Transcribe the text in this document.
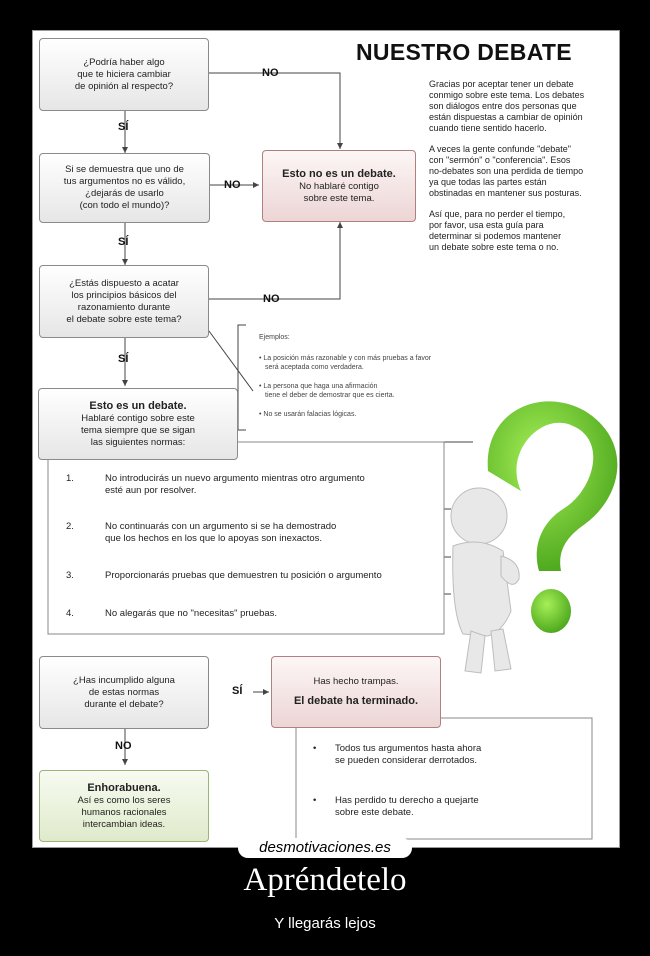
NUESTRO DEBATE
Gracias por aceptar tener un debate
conmigo sobre este tema. Los debates
son diálogos entre dos personas que
están dispuestas a cambiar de opinión
cuando tiene sentido hacerlo.
A veces la gente confunde "debate"
con "sermón" o "conferencia". Esos
no-debates son una perdida de tiempo
ya que todas las partes están
obstinadas en mantener sus posturas.
Así que, para no perder el tiempo,
por favor, usa esta guía para
determinar si podemos mantener
un debate sobre este tema o no.
¿Podría haber algo
que te hiciera cambiar
de opinión al respecto?
NO
SÍ
Si se demuestra que uno de
tus argumentos no es válido,
¿dejarás de usarlo
(con todo el mundo)?
NO
SÍ
Esto no es un debate.
No hablaré contigo
sobre este tema.
¿Estás dispuesto a acatar
los principios básicos del
razonamiento durante
el debate sobre este tema?
NO
SÍ
Ejemplos:
• La posición más razonable y con más pruebas a favor
será aceptada como verdadera.
• La persona que haga una afirmación
tiene el deber de demostrar que es cierta.
• No se usarán falacias lógicas.
Esto es un debate.
Hablaré contigo sobre este
tema siempre que se sigan
las siguientes normas:
1.	No introducirás un nuevo argumento mientras otro argumento
esté aun por resolver.
2.	No continuarás con un argumento si se ha demostrado
que los hechos en los que lo apoyas son inexactos.
3.	Proporcionarás pruebas que demuestren tu posición o argumento
4.	No alegarás que no "necesitas" pruebas.
¿Has incumplido alguna
de estas normas
durante el debate?
SÍ
NO
Has hecho trampas.
El debate ha terminado.
• Todos tus argumentos hasta ahora
se pueden considerar derrotados.
• Has perdido tu derecho a quejarte
sobre este debate.
Enhorabuena.
Así es como los seres
humanos racionales
intercambian ideas.
desmotivaciones.es
Apréndetelo
Y llegarás lejos
